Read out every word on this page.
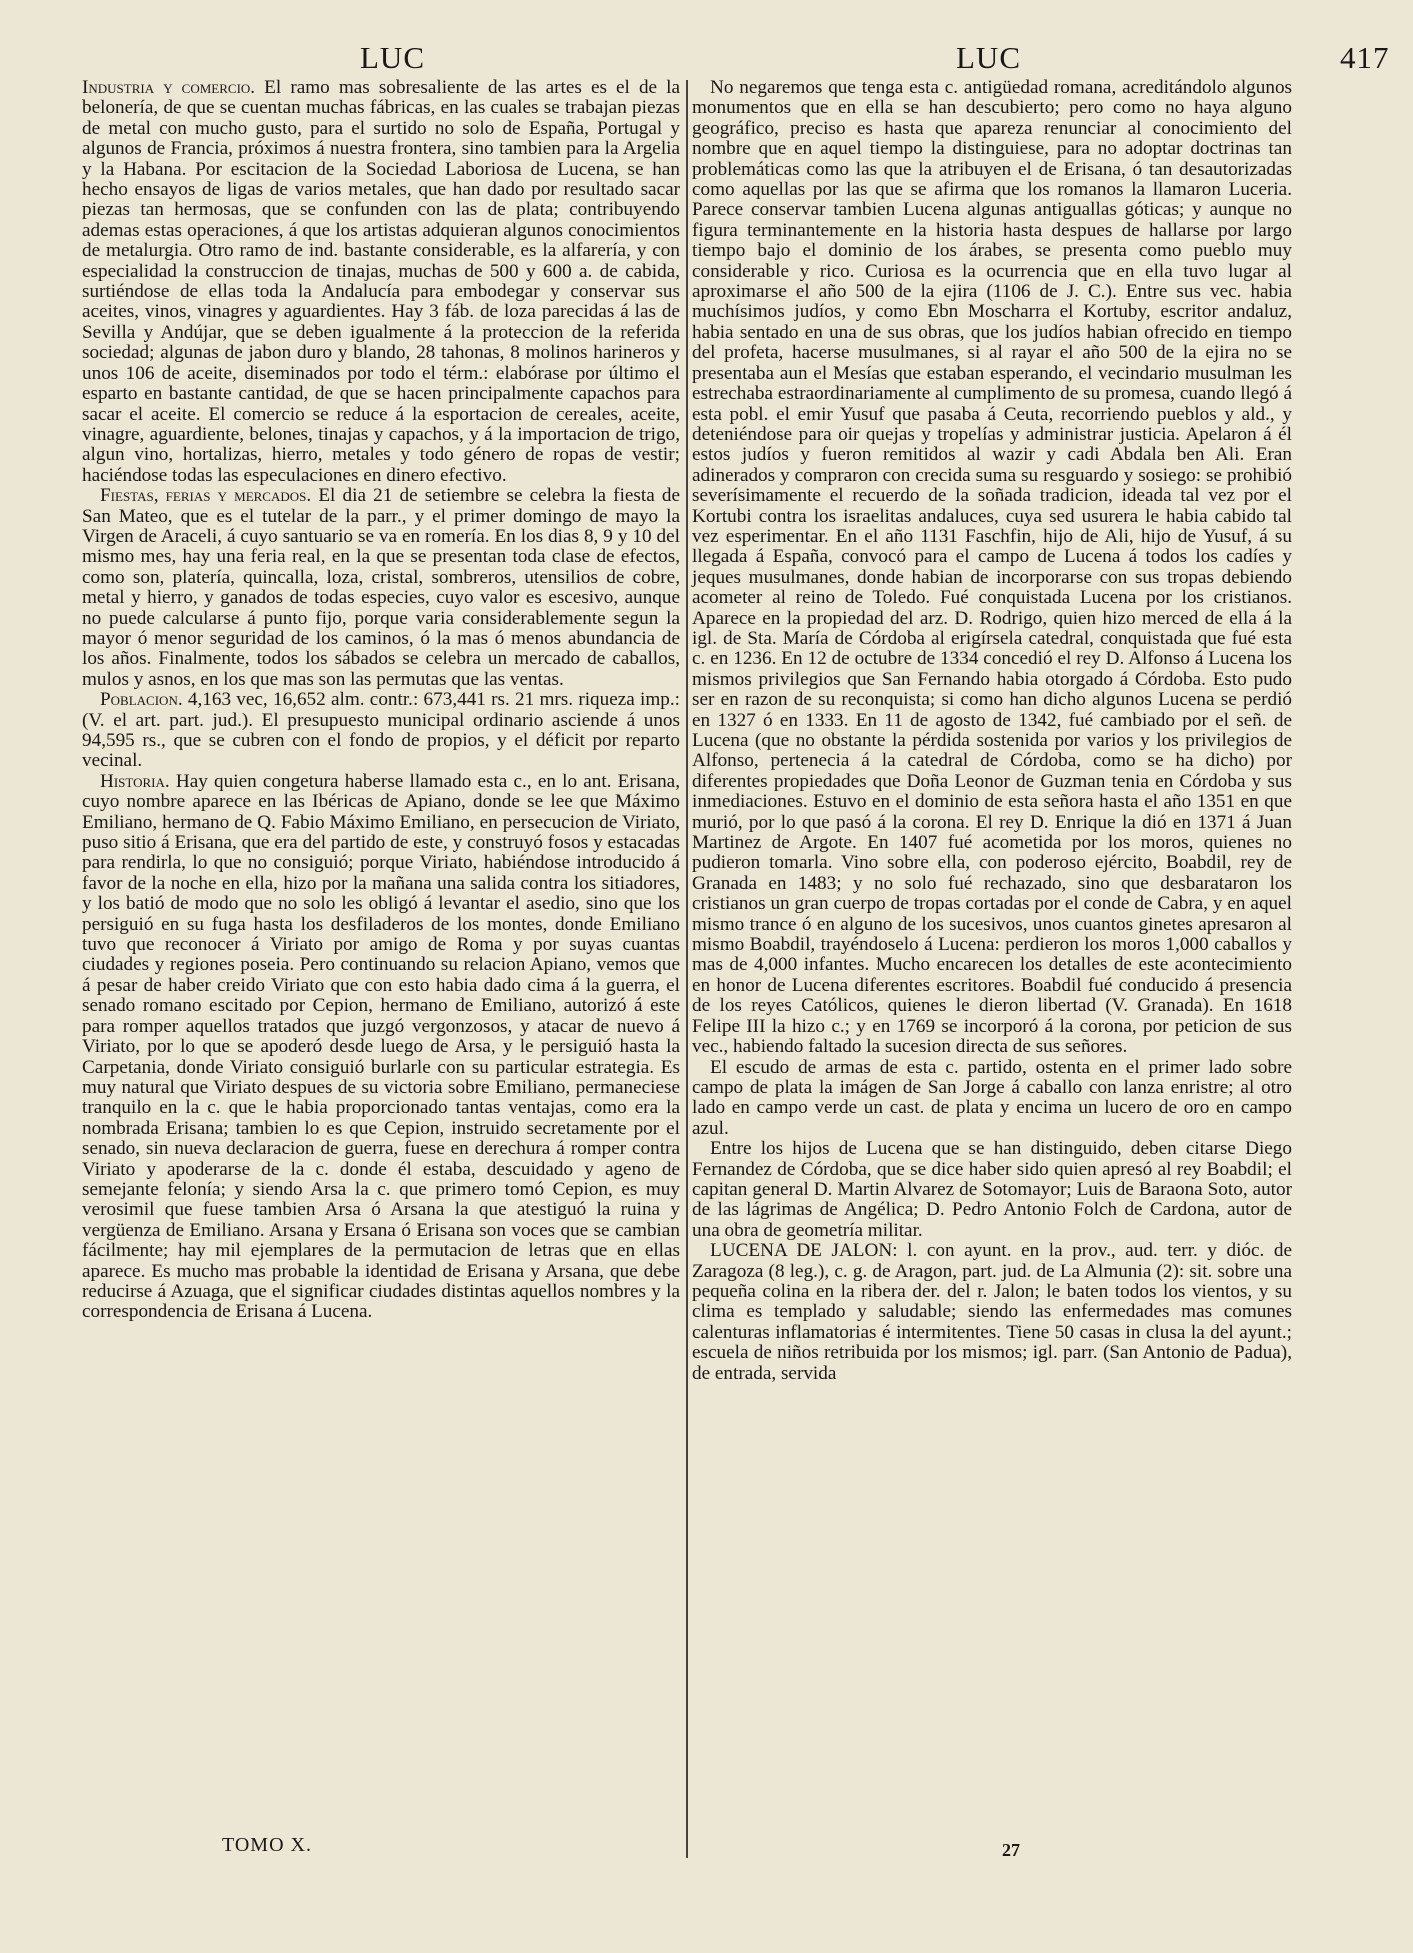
LUC	LUC	417

Industria y comercio. El ramo mas sobresaliente de las artes es el de la belonería, de que se cuentan muchas fábricas, en las cuales se trabajan piezas de metal con mucho gusto, para el surtido no solo de España, Portugal y algunos de Francia, próximos á nuestra frontera, sino tambien para la Argelia y la Habana. Por escitacion de la Sociedad Laboriosa de Lucena, se han hecho ensayos de ligas de varios metales, que han dado por resultado sacar piezas tan hermosas, que se confunden con las de plata; contribuyendo ademas estas operaciones, á que los artistas adquieran algunos conocimientos de metalurgia. Otro ramo de ind. bastante considerable, es la alfarería, y con especialidad la construccion de tinajas, muchas de 500 y 600 a. de cabida, surtiéndose de ellas toda la Andalucía para embodegar y conservar sus aceites, vinos, vinagres y aguardientes. Hay 3 fáb. de loza parecidas á las de Sevilla y Andújar, que se deben igualmente á la proteccion de la referida sociedad; algunas de jabon duro y blando, 28 tahonas, 8 molinos harineros y unos 106 de aceite, diseminados por todo el térm.: elabórase por último el esparto en bastante cantidad, de que se hacen principalmente capachos para sacar el aceite. El comercio se reduce á la esportacion de cereales, aceite, vinagre, aguardiente, belones, tinajas y capachos, y á la importacion de trigo, algun vino, hortalizas, hierro, metales y todo género de ropas de vestir; haciéndose todas las especulaciones en dinero efectivo.

Fiestas, ferias y mercados. El dia 21 de setiembre se celebra la fiesta de San Mateo, que es el tutelar de la parr., y el primer domingo de mayo la Virgen de Araceli, á cuyo santuario se va en romería. En los dias 8, 9 y 10 del mismo mes, hay una feria real, en la que se presentan toda clase de efectos, como son, platería, quincalla, loza, cristal, sombreros, utensilios de cobre, metal y hierro, y ganados de todas especies, cuyo valor es escesivo, aunque no puede calcularse á punto fijo, porque varia considerablemente segun la mayor ó menor seguridad de los caminos, ó la mas ó menos abundancia de los años. Finalmente, todos los sábados se celebra un mercado de caballos, mulos y asnos, en los que mas son las permutas que las ventas.

Poblacion. 4,163 vec, 16,652 alm. contr.: 673,441 rs. 21 mrs. riqueza imp.: (V. el art. part. jud.). El presupuesto municipal ordinario asciende á unos 94,595 rs., que se cubren con el fondo de propios, y el déficit por reparto vecinal.

Historia. Hay quien congetura haberse llamado esta c., en lo ant. Erisana, cuyo nombre aparece en las Ibéricas de Apiano, donde se lee que Máximo Emiliano, hermano de Q. Fabio Máximo Emiliano, en persecucion de Viriato, puso sitio á Erisana, que era del partido de este, y construyó fosos y estacadas para rendirla, lo que no consiguió; porque Viriato, habiéndose introducido á favor de la noche en ella, hizo por la mañana una salida contra los sitiadores, y los batió de modo que no solo les obligó á levantar el asedio, sino que los persiguió en su fuga hasta los desfiladeros de los montes, donde Emiliano tuvo que reconocer á Viriato por amigo de Roma y por suyas cuantas ciudades y regiones poseia. Pero continuando su relacion Apiano, vemos que á pesar de haber creido Viriato que con esto habia dado cima á la guerra, el senado romano escitado por Cepion, hermano de Emiliano, autorizó á este para romper aquellos tratados que juzgó vergonzosos, y atacar de nuevo á Viriato, por lo que se apoderó desde luego de Arsa, y le persiguió hasta la Carpetania, donde Viriato consiguió burlarle con su particular estrategia. Es muy natural que Viriato despues de su victoria sobre Emiliano, permaneciese tranquilo en la c. que le habia proporcionado tantas ventajas, como era la nombrada Erisana; tambien lo es que Cepion, instruido secretamente por el senado, sin nueva declaracion de guerra, fuese en derechura á romper contra Viriato y apoderarse de la c. donde él estaba, descuidado y ageno de semejante felonía; y siendo Arsa la c. que primero tomó Cepion, es muy verosimil que fuese tambien Arsa ó Arsana la que atestiguó la ruina y vergüenza de Emiliano. Arsana y Ersana ó Erisana son voces que se cambian fácilmente; hay mil ejemplares de la permutacion de letras que en ellas aparece. Es mucho mas probable la identidad de Erisana y Arsana, que debe reducirse á Azuaga, que el significar ciudades distintas aquellos nombres y la correspondencia de Erisana á Lucena.

No negaremos que tenga esta c. antigüedad romana, acreditándolo algunos monumentos que en ella se han descubierto; pero como no haya alguno geográfico, preciso es hasta que apareza renunciar al conocimiento del nombre que en aquel tiempo la distinguiese, para no adoptar doctrinas tan problemáticas como las que la atribuyen el de Erisana, ó tan desautorizadas como aquellas por las que se afirma que los romanos la llamaron Luceria. Parece conservar tambien Lucena algunas antiguallas góticas; y aunque no figura terminantemente en la historia hasta despues de hallarse por largo tiempo bajo el dominio de los árabes, se presenta como pueblo muy considerable y rico. Curiosa es la ocurrencia que en ella tuvo lugar al aproximarse el año 500 de la ejira (1106 de J. C.). Entre sus vec. habia muchísimos judíos, y como Ebn Moscharra el Kortuby, escritor andaluz, habia sentado en una de sus obras, que los judíos habian ofrecido en tiempo del profeta, hacerse musulmanes, si al rayar el año 500 de la ejira no se presentaba aun el Mesías que estaban esperando, el vecindario musulman les estrechaba estraordinariamente al cumplimento de su promesa, cuando llegó á esta pobl. el emir Yusuf que pasaba á Ceuta, recorriendo pueblos y ald., y deteniéndose para oir quejas y tropelías y administrar justicia. Apelaron á él estos judíos y fueron remitidos al wazir y cadi Abdala ben Ali. Eran adinerados y compraron con crecida suma su resguardo y sosiego: se prohibió severísimamente el recuerdo de la soñada tradicion, ideada tal vez por el Kortubi contra los israelitas andaluces, cuya sed usurera le habia cabido tal vez esperimentar. En el año 1131 Faschfin, hijo de Ali, hijo de Yusuf, á su llegada á España, convocó para el campo de Lucena á todos los cadíes y jeques musulmanes, donde habian de incorporarse con sus tropas debiendo acometer al reino de Toledo. Fué conquistada Lucena por los cristianos. Aparece en la propiedad del arz. D. Rodrigo, quien hizo merced de ella á la igl. de Sta. María de Córdoba al erigírsela catedral, conquistada que fué esta c. en 1236. En 12 de octubre de 1334 concedió el rey D. Alfonso á Lucena los mismos privilegios que San Fernando habia otorgado á Córdoba. Esto pudo ser en razon de su reconquista; si como han dicho algunos Lucena se perdió en 1327 ó en 1333. En 11 de agosto de 1342, fué cambiado por el señ. de Lucena (que no obstante la pérdida sostenida por varios y los privilegios de Alfonso, pertenecia á la catedral de Córdoba, como se ha dicho) por diferentes propiedades que Doña Leonor de Guzman tenia en Córdoba y sus inmediaciones. Estuvo en el dominio de esta señora hasta el año 1351 en que murió, por lo que pasó á la corona. El rey D. Enrique la dió en 1371 á Juan Martinez de Argote. En 1407 fué acometida por los moros, quienes no pudieron tomarla. Vino sobre ella, con poderoso ejército, Boabdil, rey de Granada en 1483; y no solo fué rechazado, sino que desbarataron los cristianos un gran cuerpo de tropas cortadas por el conde de Cabra, y en aquel mismo trance ó en alguno de los sucesivos, unos cuantos ginetes apresaron al mismo Boabdil, trayéndoselo á Lucena: perdieron los moros 1,000 caballos y mas de 4,000 infantes. Mucho encarecen los detalles de este acontecimiento en honor de Lucena diferentes escritores. Boabdil fué conducido á presencia de los reyes Católicos, quienes le dieron libertad (V. Granada). En 1618 Felipe III la hizo c.; y en 1769 se incorporó á la corona, por peticion de sus vec., habiendo faltado la sucesion directa de sus señores.

El escudo de armas de esta c. partido, ostenta en el primer lado sobre campo de plata la imágen de San Jorge á caballo con lanza enristre; al otro lado en campo verde un cast. de plata y encima un lucero de oro en campo azul.

Entre los hijos de Lucena que se han distinguido, deben citarse Diego Fernandez de Córdoba, que se dice haber sido quien apresó al rey Boabdil; el capitan general D. Martin Alvarez de Sotomayor; Luis de Baraona Soto, autor de las lágrimas de Angélica; D. Pedro Antonio Folch de Cardona, autor de una obra de geometría militar.

LUCENA DE JALON: l. con ayunt. en la prov., aud. terr. y dióc. de Zaragoza (8 leg.), c. g. de Aragon, part. jud. de La Almunia (2): sit. sobre una pequeña colina en la ribera der. del r. Jalon; le baten todos los vientos, y su clima es templado y saludable; siendo las enfermedades mas comunes calenturas inflamatorias é intermitentes. Tiene 50 casas in clusa la del ayunt.; escuela de niños retribuida por los mismos; igl. parr. (San Antonio de Padua), de entrada, servida

TOMO X.	27
